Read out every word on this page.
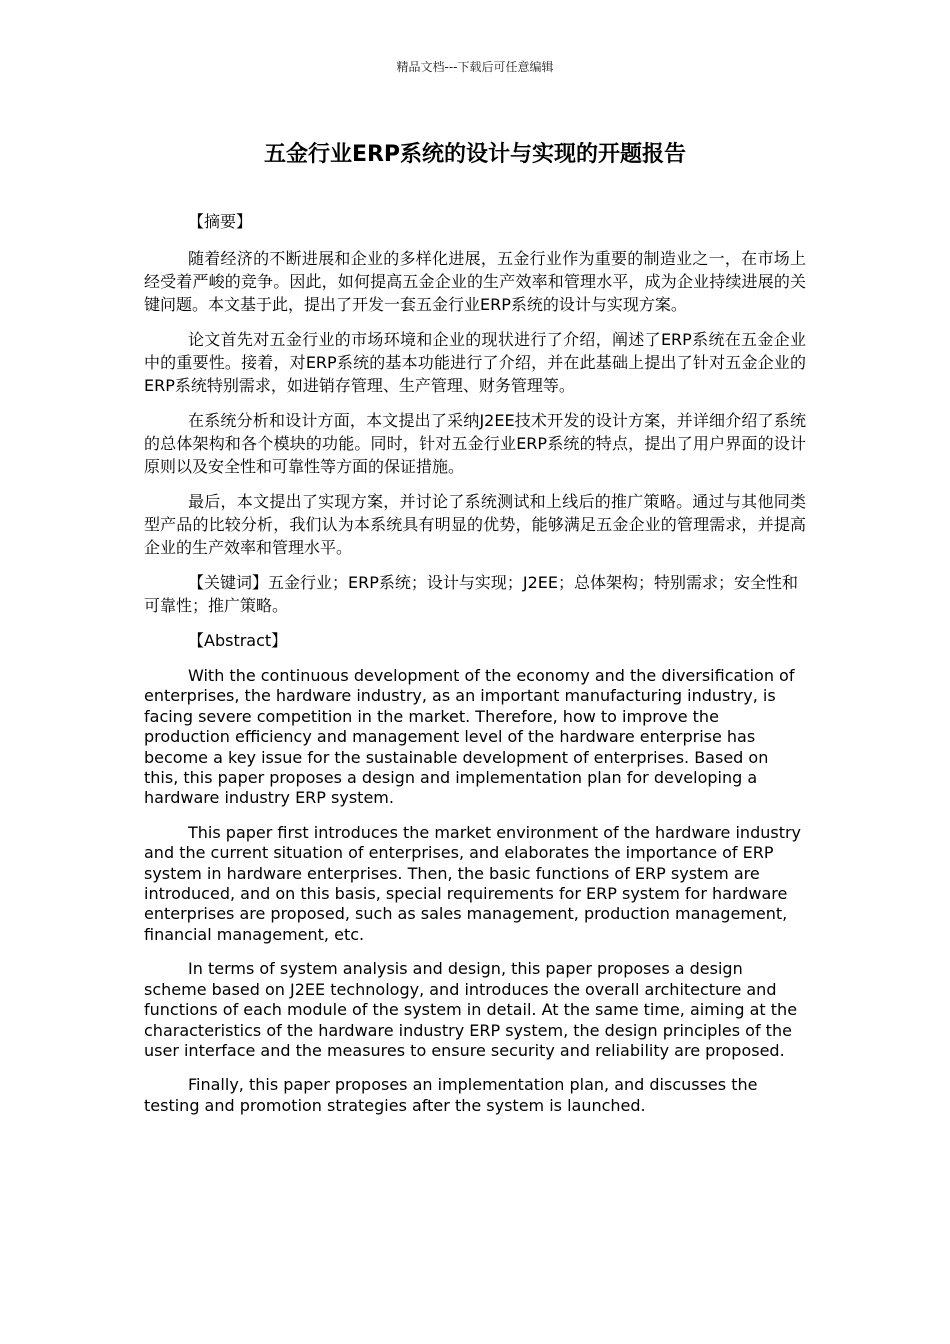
精品文档---下载后可任意编辑
五金行业ERP系统的设计与实现的开题报告

【摘要】

随着经济的不断进展和企业的多样化进展，五金行业作为重要的制造业之一，在市场上经受着严峻的竞争。因此，如何提高五金企业的生产效率和管理水平，成为企业持续进展的关键问题。本文基于此，提出了开发一套五金行业ERP系统的设计与实现方案。

论文首先对五金行业的市场环境和企业的现状进行了介绍，阐述了ERP系统在五金企业中的重要性。接着，对ERP系统的基本功能进行了介绍，并在此基础上提出了针对五金企业的ERP系统特别需求，如进销存管理、生产管理、财务管理等。

在系统分析和设计方面，本文提出了采纳J2EE技术开发的设计方案，并详细介绍了系统的总体架构和各个模块的功能。同时，针对五金行业ERP系统的特点，提出了用户界面的设计原则以及安全性和可靠性等方面的保证措施。

最后，本文提出了实现方案，并讨论了系统测试和上线后的推广策略。通过与其他同类型产品的比较分析，我们认为本系统具有明显的优势，能够满足五金企业的管理需求，并提高企业的生产效率和管理水平。

【关键词】五金行业；ERP系统；设计与实现；J2EE；总体架构；特别需求；安全性和可靠性；推广策略。

【Abstract】

With the continuous development of the economy and the diversification of enterprises, the hardware industry, as an important manufacturing industry, is facing severe competition in the market. Therefore, how to improve the production efficiency and management level of the hardware enterprise has become a key issue for the sustainable development of enterprises. Based on this, this paper proposes a design and implementation plan for developing a hardware industry ERP system.

This paper first introduces the market environment of the hardware industry and the current situation of enterprises, and elaborates the importance of ERP system in hardware enterprises. Then, the basic functions of ERP system are introduced, and on this basis, special requirements for ERP system for hardware enterprises are proposed, such as sales management, production management, financial management, etc.

In terms of system analysis and design, this paper proposes a design scheme based on J2EE technology, and introduces the overall architecture and functions of each module of the system in detail. At the same time, aiming at the characteristics of the hardware industry ERP system, the design principles of the user interface and the measures to ensure security and reliability are proposed.

Finally, this paper proposes an implementation plan, and discusses the testing and promotion strategies after the system is launched.
